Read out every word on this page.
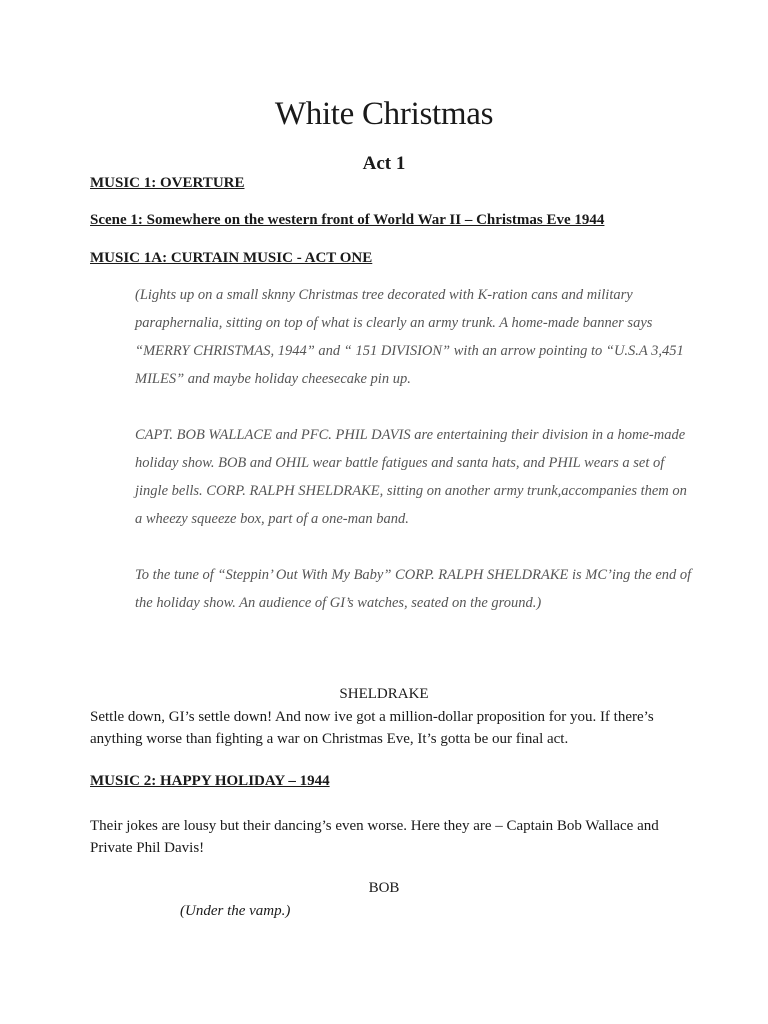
White Christmas
Act 1
MUSIC 1: OVERTURE
Scene 1: Somewhere on the western front of World War II – Christmas Eve 1944
MUSIC 1A: CURTAIN MUSIC - ACT ONE
(Lights up on a small sknny Christmas tree decorated with K-ration cans and military paraphernalia, sitting on top of what is clearly an army trunk. A home-made banner says “MERRY CHRISTMAS, 1944” and “ 151 DIVISION” with an arrow pointing to “U.S.A 3,451 MILES” and maybe holiday cheesecake pin up.
CAPT. BOB WALLACE and PFC. PHIL DAVIS are entertaining their division in a home-made holiday show. BOB and OHIL wear battle fatigues and santa hats, and PHIL wears a set of jingle bells. CORP. RALPH SHELDRAKE, sitting on another army trunk,accompanies them on a wheezy squeeze box, part of a one-man band.
To the tune of “Steppin’ Out With My Baby” CORP. RALPH SHELDRAKE is MC’ing the end of the holiday show. An audience of GI’s watches, seated on the ground.)
SHELDRAKE
Settle down, GI’s settle down! And now ive got a million-dollar proposition for you. If there’s anything worse than fighting a war on Christmas Eve, It’s gotta be our final act.
MUSIC 2: HAPPY HOLIDAY – 1944
Their jokes are lousy but their dancing’s even worse. Here they are – Captain Bob Wallace and Private Phil Davis!
BOB
(Under the vamp.)
